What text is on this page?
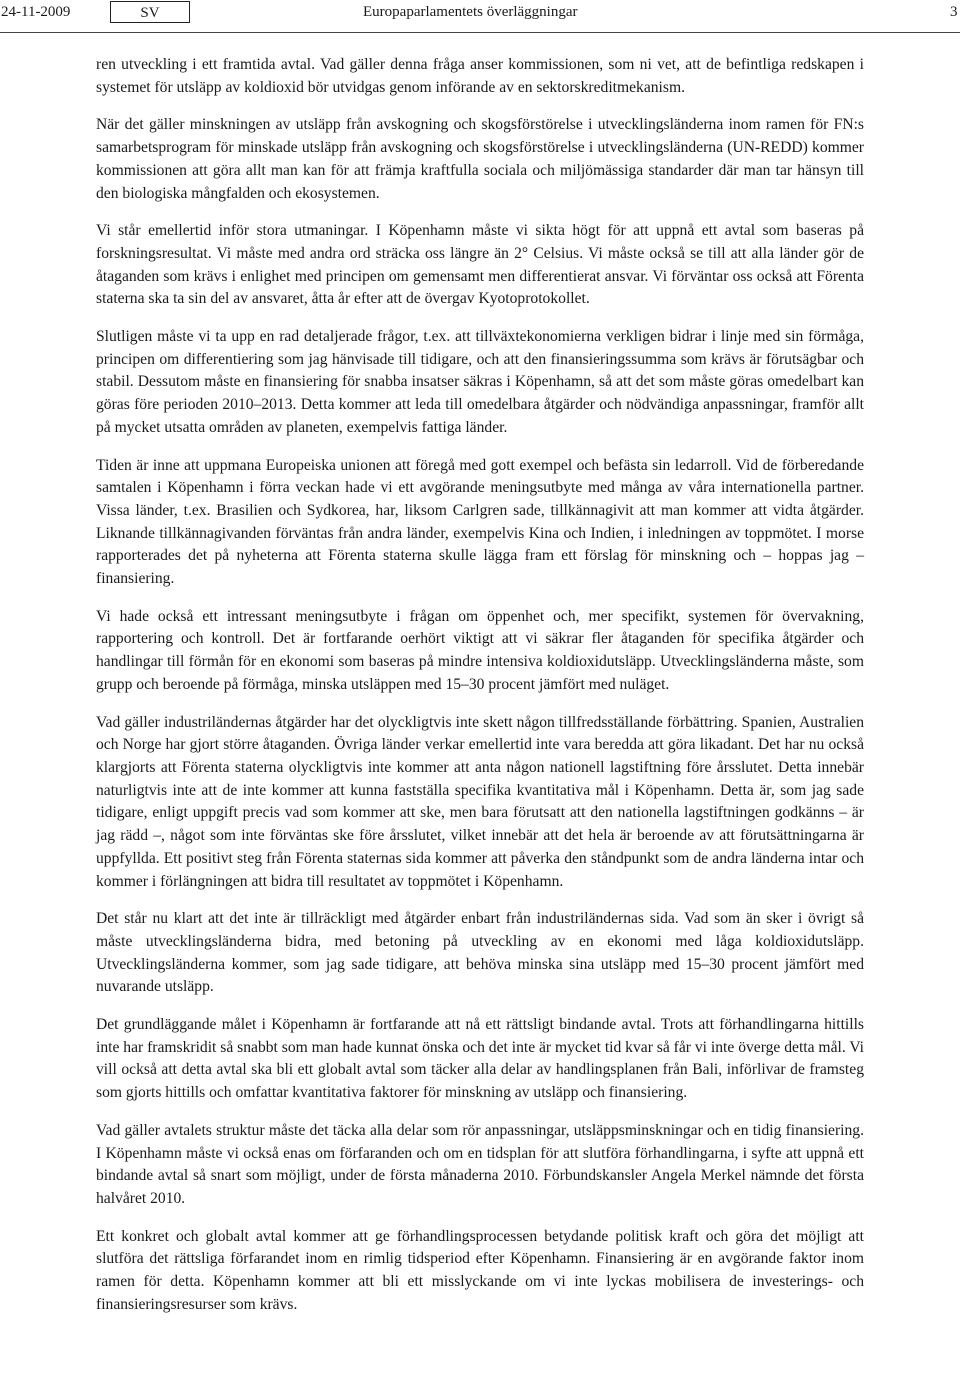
24-11-2009	SV	Europaparlamentets överläggningar	3

ren utveckling i ett framtida avtal. Vad gäller denna fråga anser kommissionen, som ni vet, att de befintliga redskapen i systemet för utsläpp av koldioxid bör utvidgas genom införande av en sektorskreditmekanism.

När det gäller minskningen av utsläpp från avskogning och skogsförstörelse i utvecklingsländerna inom ramen för FN:s samarbetsprogram för minskade utsläpp från avskogning och skogsförstörelse i utvecklingsländerna (UN-REDD) kommer kommissionen att göra allt man kan för att främja kraftfulla sociala och miljömässiga standarder där man tar hänsyn till den biologiska mångfalden och ekosystemen.

Vi står emellertid inför stora utmaningar. I Köpenhamn måste vi sikta högt för att uppnå ett avtal som baseras på forskningsresultat. Vi måste med andra ord sträcka oss längre än 2° Celsius. Vi måste också se till att alla länder gör de åtaganden som krävs i enlighet med principen om gemensamt men differentierat ansvar. Vi förväntar oss också att Förenta staterna ska ta sin del av ansvaret, åtta år efter att de övergav Kyotoprotokollet.

Slutligen måste vi ta upp en rad detaljerade frågor, t.ex. att tillväxtekonomierna verkligen bidrar i linje med sin förmåga, principen om differentiering som jag hänvisade till tidigare, och att den finansieringssumma som krävs är förutsägbar och stabil. Dessutom måste en finansiering för snabba insatser säkras i Köpenhamn, så att det som måste göras omedelbart kan göras före perioden 2010–2013. Detta kommer att leda till omedelbara åtgärder och nödvändiga anpassningar, framför allt på mycket utsatta områden av planeten, exempelvis fattiga länder.

Tiden är inne att uppmana Europeiska unionen att föregå med gott exempel och befästa sin ledarroll. Vid de förberedande samtalen i Köpenhamn i förra veckan hade vi ett avgörande meningsutbyte med många av våra internationella partner. Vissa länder, t.ex. Brasilien och Sydkorea, har, liksom Carlgren sade, tillkännagivit att man kommer att vidta åtgärder. Liknande tillkännagivanden förväntas från andra länder, exempelvis Kina och Indien, i inledningen av toppmötet. I morse rapporterades det på nyheterna att Förenta staterna skulle lägga fram ett förslag för minskning och – hoppas jag – finansiering.

Vi hade också ett intressant meningsutbyte i frågan om öppenhet och, mer specifikt, systemen för övervakning, rapportering och kontroll. Det är fortfarande oerhört viktigt att vi säkrar fler åtaganden för specifika åtgärder och handlingar till förmån för en ekonomi som baseras på mindre intensiva koldioxidutsläpp. Utvecklingsländerna måste, som grupp och beroende på förmåga, minska utsläppen med 15–30 procent jämfört med nuläget.

Vad gäller industriländernas åtgärder har det olyckligtvis inte skett någon tillfredsställande förbättring. Spanien, Australien och Norge har gjort större åtaganden. Övriga länder verkar emellertid inte vara beredda att göra likadant. Det har nu också klargjorts att Förenta staterna olyckligtvis inte kommer att anta någon nationell lagstiftning före årsslutet. Detta innebär naturligtvis inte att de inte kommer att kunna fastställa specifika kvantitativa mål i Köpenhamn. Detta är, som jag sade tidigare, enligt uppgift precis vad som kommer att ske, men bara förutsatt att den nationella lagstiftningen godkänns – är jag rädd –, något som inte förväntas ske före årsslutet, vilket innebär att det hela är beroende av att förutsättningarna är uppfyllda. Ett positivt steg från Förenta staternas sida kommer att påverka den ståndpunkt som de andra länderna intar och kommer i förlängningen att bidra till resultatet av toppmötet i Köpenhamn.

Det står nu klart att det inte är tillräckligt med åtgärder enbart från industriländernas sida. Vad som än sker i övrigt så måste utvecklingsländerna bidra, med betoning på utveckling av en ekonomi med låga koldioxidutsläpp. Utvecklingsländerna kommer, som jag sade tidigare, att behöva minska sina utsläpp med 15–30 procent jämfört med nuvarande utsläpp.

Det grundläggande målet i Köpenhamn är fortfarande att nå ett rättsligt bindande avtal. Trots att förhandlingarna hittills inte har framskridit så snabbt som man hade kunnat önska och det inte är mycket tid kvar så får vi inte överge detta mål. Vi vill också att detta avtal ska bli ett globalt avtal som täcker alla delar av handlingsplanen från Bali, införlivar de framsteg som gjorts hittills och omfattar kvantitativa faktorer för minskning av utsläpp och finansiering.

Vad gäller avtalets struktur måste det täcka alla delar som rör anpassningar, utsläppsminskningar och en tidig finansiering. I Köpenhamn måste vi också enas om förfaranden och om en tidsplan för att slutföra förhandlingarna, i syfte att uppnå ett bindande avtal så snart som möjligt, under de första månaderna 2010. Förbundskansler Angela Merkel nämnde det första halvåret 2010.

Ett konkret och globalt avtal kommer att ge förhandlingsprocessen betydande politisk kraft och göra det möjligt att slutföra det rättsliga förfarandet inom en rimlig tidsperiod efter Köpenhamn. Finansiering är en avgörande faktor inom ramen för detta. Köpenhamn kommer att bli ett misslyckande om vi inte lyckas mobilisera de investerings- och finansieringsresurser som krävs.
